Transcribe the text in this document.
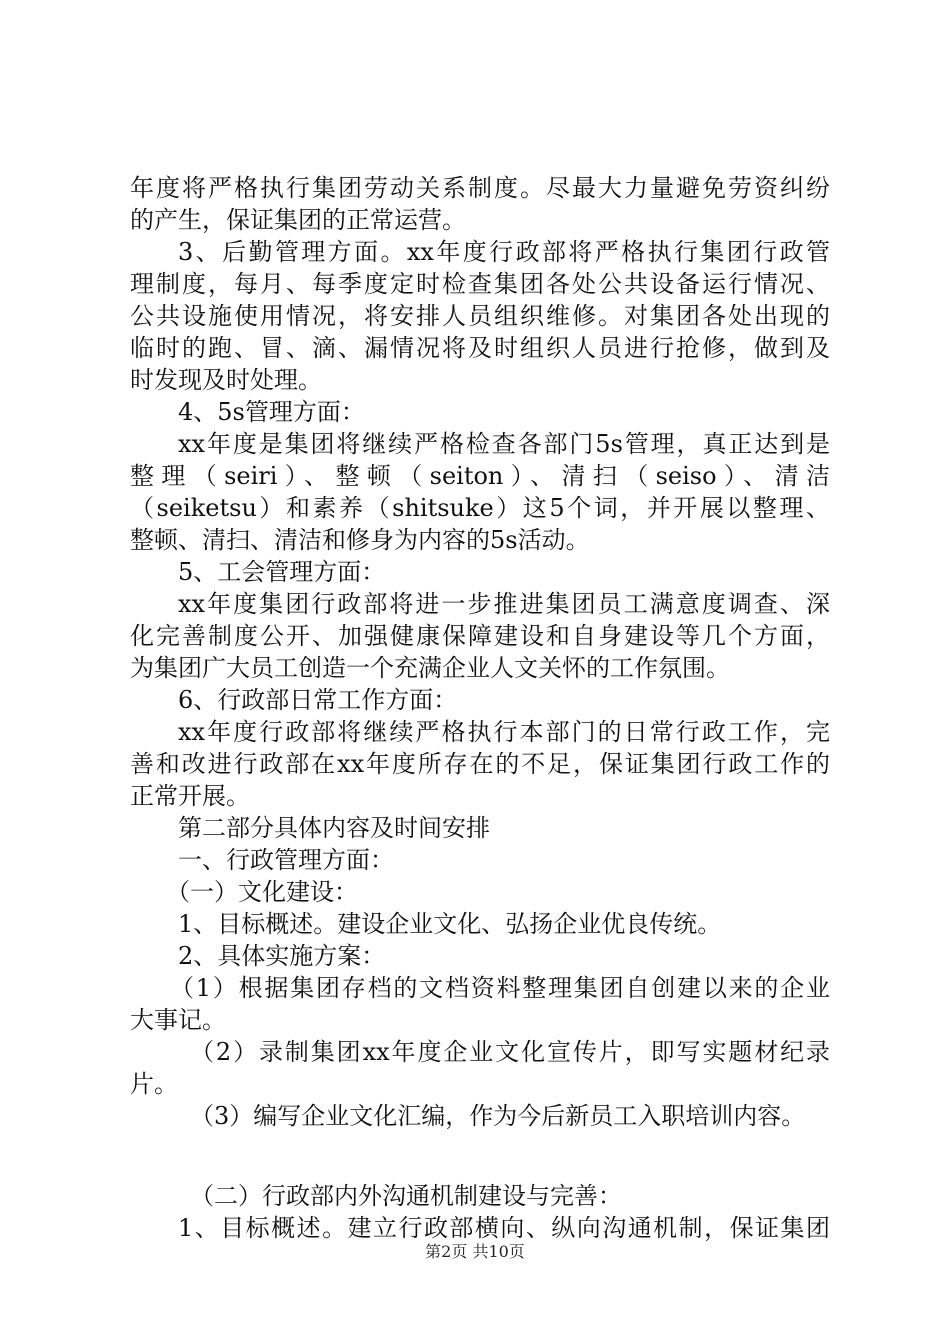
年度将严格执行集团劳动关系制度。尽最大力量避免劳资纠纷
的产生，保证集团的正常运营。
3、后勤管理方面。xx年度行政部将严格执行集团行政管
理制度，每月、每季度定时检查集团各处公共设备运行情况、
公共设施使用情况，将安排人员组织维修。对集团各处出现的
临时的跑、冒、滴、漏情况将及时组织人员进行抢修，做到及
时发现及时处理。
4、5s管理方面：
xx年度是集团将继续严格检查各部门5s管理，真正达到是
整理（seiri）、整顿（seiton）、清扫（seiso）、清洁
（seiketsu）和素养（shitsuke）这5个词，并开展以整理、
整顿、清扫、清洁和修身为内容的5s活动。
5、工会管理方面：
xx年度集团行政部将进一步推进集团员工满意度调查、深
化完善制度公开、加强健康保障建设和自身建设等几个方面，
为集团广大员工创造一个充满企业人文关怀的工作氛围。
6、行政部日常工作方面：
xx年度行政部将继续严格执行本部门的日常行政工作，完
善和改进行政部在xx年度所存在的不足，保证集团行政工作的
正常开展。
第二部分具体内容及时间安排
一、行政管理方面：
（一）文化建设：
1、目标概述。建设企业文化、弘扬企业优良传统。
2、具体实施方案：
（1）根据集团存档的文档资料整理集团自创建以来的企业
大事记。
（2）录制集团xx年度企业文化宣传片，即写实题材纪录
片。
（3）编写企业文化汇编，作为今后新员工入职培训内容。
（二）行政部内外沟通机制建设与完善：
1、目标概述。建立行政部横向、纵向沟通机制，保证集团
第2页 共10页
